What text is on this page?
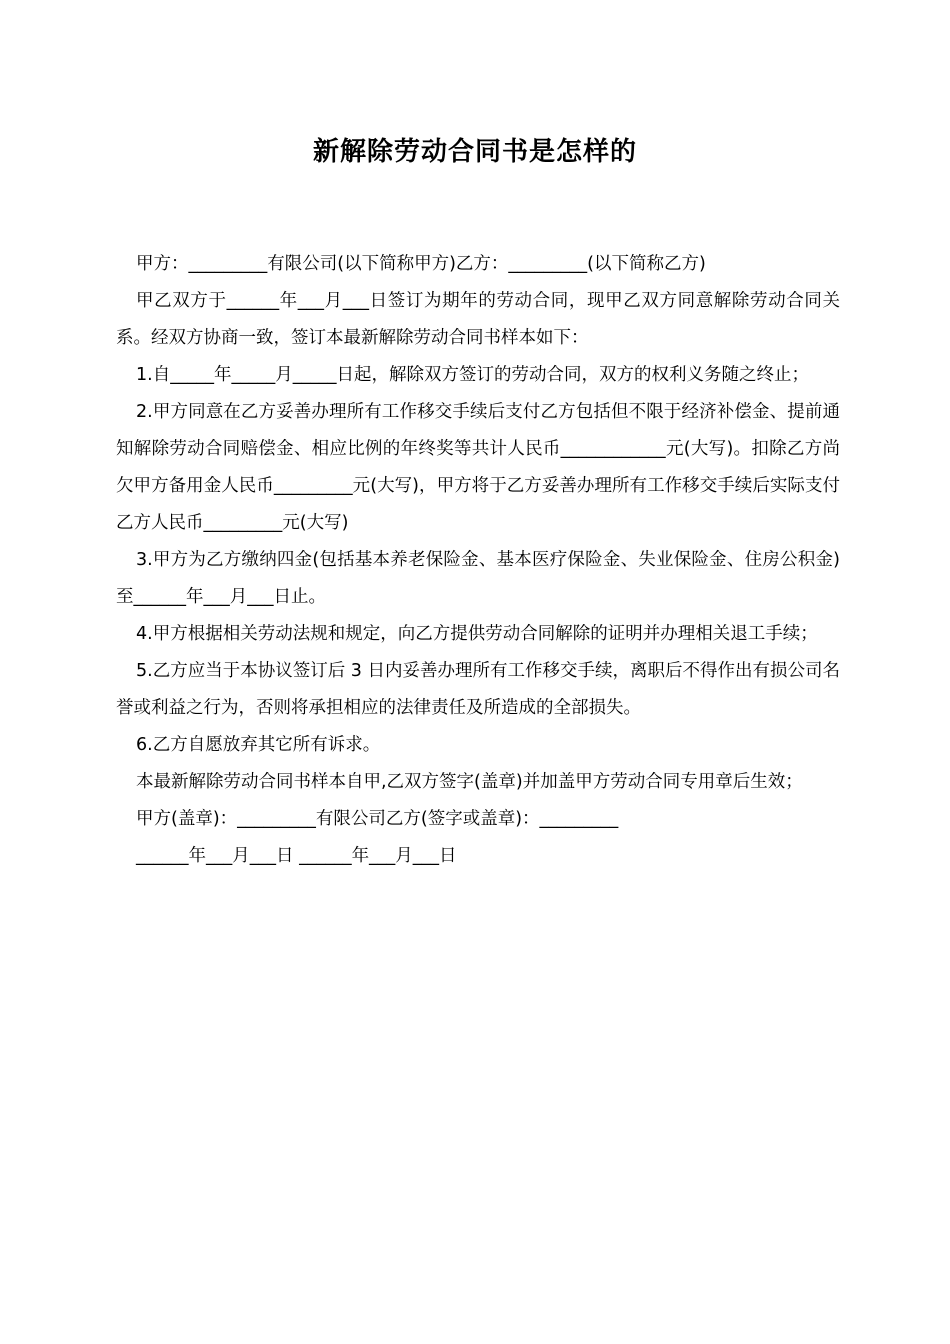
新解除劳动合同书是怎样的

甲方：_________有限公司(以下简称甲方)乙方：_________(以下简称乙方)

甲乙双方于______年___月___日签订为期年的劳动合同，现甲乙双方同意解除劳动合同关系。经双方协商一致，签订本最新解除劳动合同书样本如下：

1.自_____年_____月_____日起，解除双方签订的劳动合同，双方的权利义务随之终止；

2.甲方同意在乙方妥善办理所有工作移交手续后支付乙方包括但不限于经济补偿金、提前通知解除劳动合同赔偿金、相应比例的年终奖等共计人民币____________元(大写)。扣除乙方尚欠甲方备用金人民币_________元(大写)，甲方将于乙方妥善办理所有工作移交手续后实际支付乙方人民币_________元(大写)

3.甲方为乙方缴纳四金(包括基本养老保险金、基本医疗保险金、失业保险金、住房公积金)至______年___月___日止。

4.甲方根据相关劳动法规和规定，向乙方提供劳动合同解除的证明并办理相关退工手续；

5.乙方应当于本协议签订后 3 日内妥善办理所有工作移交手续，离职后不得作出有损公司名誉或利益之行为，否则将承担相应的法律责任及所造成的全部损失。

6.乙方自愿放弃其它所有诉求。

本最新解除劳动合同书样本自甲,乙双方签字(盖章)并加盖甲方劳动合同专用章后生效；

甲方(盖章)：_________有限公司乙方(签字或盖章)：_________

______年___月___日 ______年___月___日
